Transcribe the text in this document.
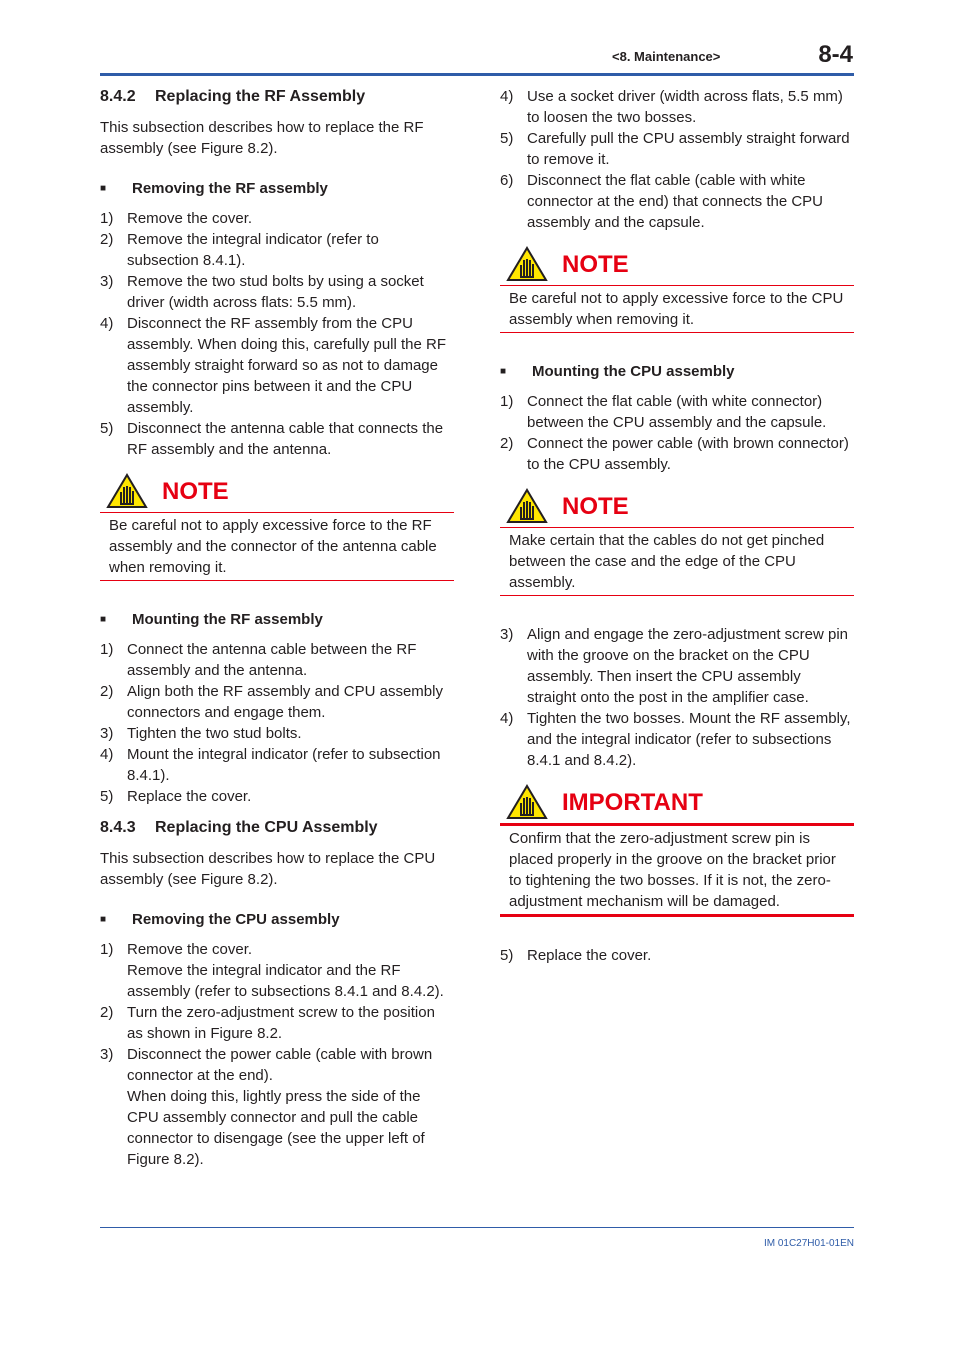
<8. Maintenance>	8-4
8.4.2 Replacing the RF Assembly

This subsection describes how to replace the RF assembly (see Figure 8.2).

■	Removing the RF assembly
1) Remove the cover.
2) Remove the integral indicator (refer to subsection 8.4.1).
3) Remove the two stud bolts by using a socket driver (width across flats: 5.5 mm).
4) Disconnect the RF assembly from the CPU assembly. When doing this, carefully pull the RF assembly straight forward so as not to damage the connector pins between it and the CPU assembly.
5) Disconnect the antenna cable that connects the RF assembly and the antenna.
NOTE
Be careful not to apply excessive force to the RF assembly and the connector of the antenna cable when removing it.
■	Mounting the RF assembly
1) Connect the antenna cable between the RF assembly and the antenna.
2) Align both the RF assembly and CPU assembly connectors and engage them.
3) Tighten the two stud bolts.
4) Mount the integral indicator (refer to subsection 8.4.1).
5) Replace the cover.
8.4.3 Replacing the CPU Assembly

This subsection describes how to replace the CPU assembly (see Figure 8.2).

■	Removing the CPU assembly
1) Remove the cover.
Remove the integral indicator and the RF assembly (refer to subsections 8.4.1 and 8.4.2).
2) Turn the zero-adjustment screw to the position as shown in Figure 8.2.
3) Disconnect the power cable (cable with brown connector at the end).
When doing this, lightly press the side of the CPU assembly connector and pull the cable connector to disengage (see the upper left of Figure 8.2).
4) Use a socket driver (width across flats, 5.5 mm) to loosen the two bosses.
5) Carefully pull the CPU assembly straight forward to remove it.
6) Disconnect the flat cable (cable with white connector at the end) that connects the CPU assembly and the capsule.
NOTE
Be careful not to apply excessive force to the CPU assembly when removing it.
■	Mounting the CPU assembly
1) Connect the flat cable (with white connector) between the CPU assembly and the capsule.
2) Connect the power cable (with brown connector) to the CPU assembly.
NOTE
Make certain that the cables do not get pinched between the case and the edge of the CPU assembly.
3) Align and engage the zero-adjustment screw pin with the groove on the bracket on the CPU assembly. Then insert the CPU assembly straight onto the post in the amplifier case.
4) Tighten the two bosses. Mount the RF assembly, and the integral indicator (refer to subsections 8.4.1 and 8.4.2).
IMPORTANT
Confirm that the zero-adjustment screw pin is placed properly in the groove on the bracket prior to tightening the two bosses. If it is not, the zero-adjustment mechanism will be damaged.
5) Replace the cover.
IM 01C27H01-01EN
